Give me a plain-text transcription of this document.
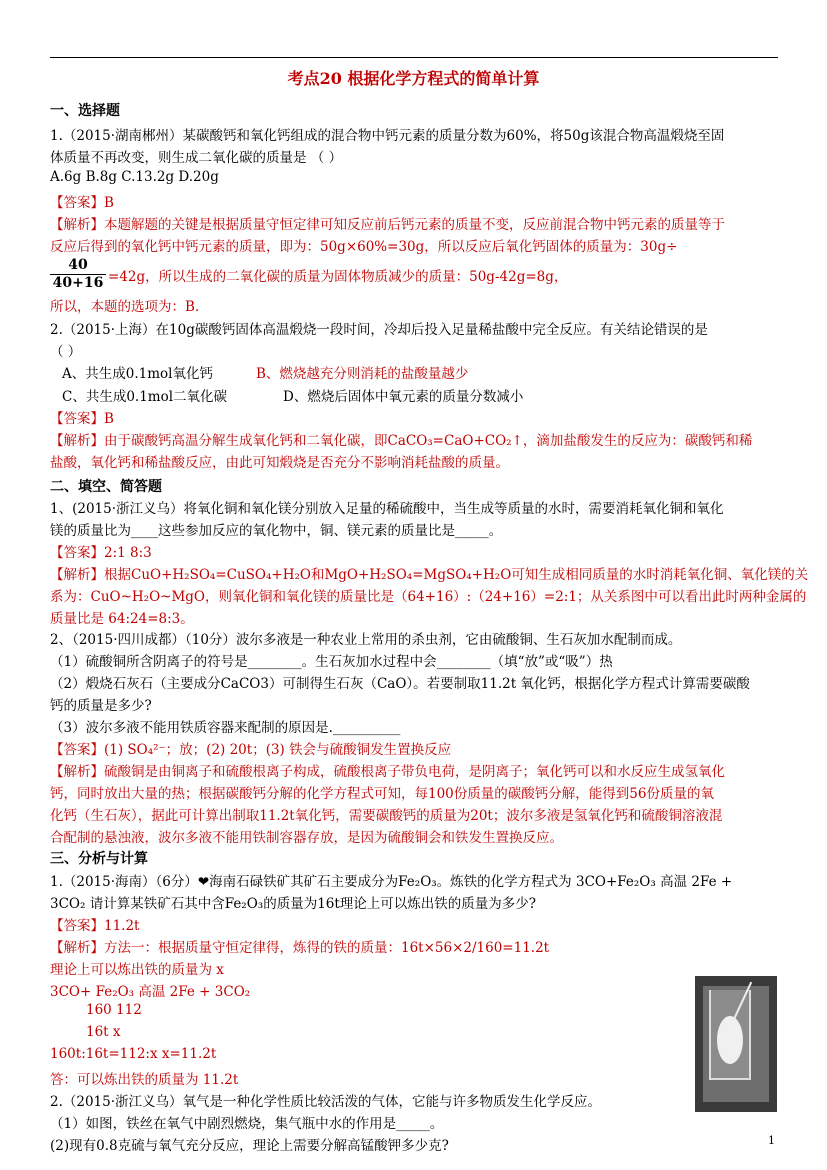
考点20 根据化学方程式的简单计算
一、选择题
1.（2015·湖南郴州）某碳酸钙和氧化钙组成的混合物中钙元素的质量分数为60%，将50g该混合物高温煅烧至固
体质量不再改变，则生成二氧化碳的质量是 （ ）
A.6g B.8g C.13.2g D.20g
【答案】B
【解析】本题解题的关键是根据质量守恒定律可知反应前后钙元素的质量不变，反应前混合物中钙元素的质量等于
反应后得到的氧化钙中钙元素的质量，即为：50g×60%=30g，所以反应后氧化钙固体的质量为：30g÷
$\frac{40}{40+16} =42g$，所以生成的二氧化碳的质量为固体物质减少的质量：50g-42g=8g，
所以，本题的选项为：B.
2.（2015·上海）在10g碳酸钙固体高温煅烧一段时间，冷却后投入足量稀盐酸中完全反应。有关结论错误的是
（ ）
A、共生成0.1mol氧化钙	B、燃烧越充分则消耗的盐酸量越少
C、共生成0.1mol二氧化碳	D、燃烧后固体中氧元素的质量分数减小
【答案】B
【解析】由于碳酸钙高温分解生成氧化钙和二氧化碳，即CaCO₃=CaO+CO₂↑，滴加盐酸发生的反应为：碳酸钙和稀
盐酸，氧化钙和稀盐酸反应，由此可知煅烧是否充分不影响消耗盐酸的质量。
二、填空、简答题
1、(2015·浙江义乌）将氧化铜和氧化镁分别放入足量的稀硫酸中，当生成等质量的水时，需要消耗氧化铜和氧化
镁的质量比为____这些参加反应的氧化物中，铜、镁元素的质量比是_____。
【答案】2:1 8:3
【解析】根据CuO+H₂SO₄=CuSO₄+H₂O和MgO+H₂SO₄=MgSO₄+H₂O可知生成相同质量的水时消耗氧化铜、氧化镁的关
系为：CuO~H₂O~MgO，则氧化铜和氧化镁的质量比是（64+16）:（24+16）=2:1；从关系图中可以看出此时两种金属的
质量比是 64:24=8:3。
2、（2015·四川成都）（10分）波尔多液是一种农业上常用的杀虫剂，它由硫酸铜、生石灰加水配制而成。
（1）硫酸铜所含阴离子的符号是________。生石灰加水过程中会________（填“放”或“吸”）热
（2）煅烧石灰石（主要成分CaCO3）可制得生石灰（CaO）。若要制取11.2t 氧化钙，根据化学方程式计算需要碳酸
钙的质量是多少?
（3）波尔多液不能用铁质容器来配制的原因是.__________
【答案】(1) SO₄²⁻；放；(2) 20t；(3) 铁会与硫酸铜发生置换反应
【解析】硫酸铜是由铜离子和硫酸根离子构成，硫酸根离子带负电荷，是阴离子；氧化钙可以和水反应生成氢氧化
钙，同时放出大量的热；根据碳酸钙分解的化学方程式可知，每100份质量的碳酸钙分解，能得到56份质量的氧
化钙（生石灰），据此可计算出制取11.2t氧化钙，需要碳酸钙的质量为20t；波尔多液是氢氧化钙和硫酸铜溶液混
合配制的悬浊液，波尔多液不能用铁制容器存放，是因为硫酸铜会和铁发生置换反应。
三、分析与计算
1.（2015·海南）（6分）❤海南石碌铁矿其矿石主要成分为Fe₂O₃。炼铁的化学方程式为 3CO+Fe₂O₃ 高温 2Fe +
3CO₂ 请计算某铁矿石其中含Fe₂O₃的质量为16t理论上可以炼出铁的质量为多少?
【答案】11.2t
【解析】方法一：根据质量守恒定律得，炼得的铁的质量：16t×56×2/160=11.2t
理论上可以炼出铁的质量为 x
3CO+ Fe₂O₃ 高温 2Fe + 3CO₂
160 112
16t x
160t:16t=112:x x=11.2t
答：可以炼出铁的质量为 11.2t
2.（2015·浙江义乌）氧气是一种化学性质比较活泼的气体，它能与许多物质发生化学反应。
（1）如图，铁丝在氧气中剧烈燃烧，集气瓶中水的作用是_____。
(2)现有0.8克硫与氧气充分反应，理论上需要分解高锰酸钾多少克?	1
